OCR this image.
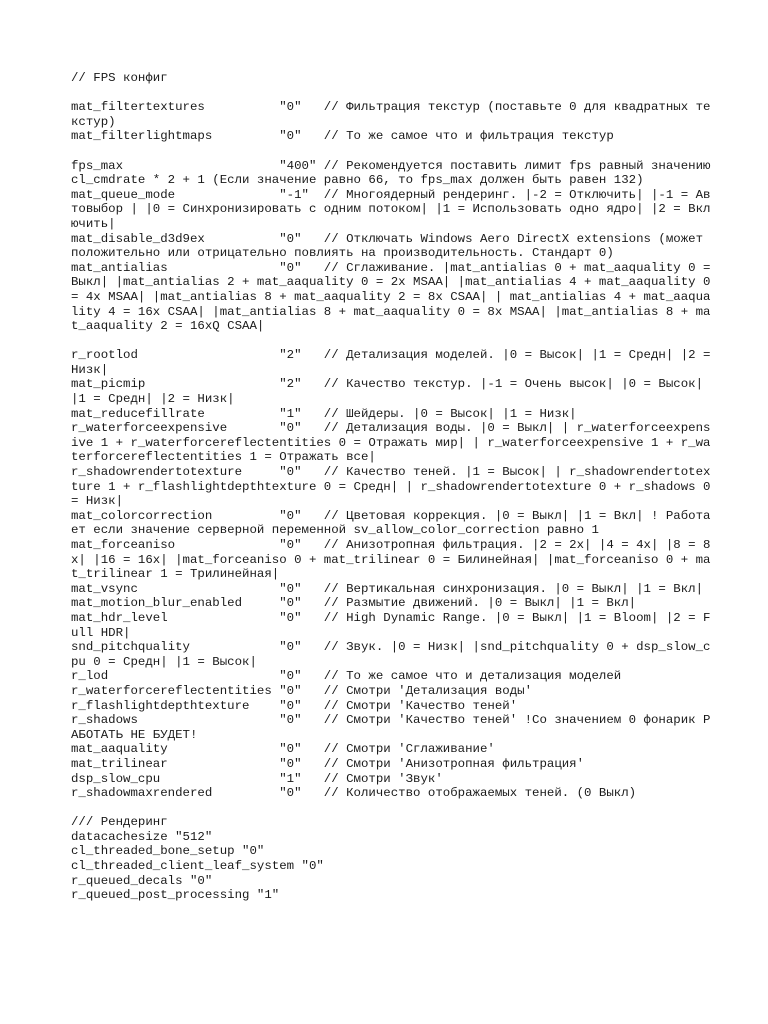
// FPS конфиг

mat_filtertextures          "0"   // Фильтрация текстур (поставьте 0 для квадратных текстур)

mat_filterlightmaps         "0"   // То же самое что и фильтрация текстур

fps_max                     "400" // Рекомендуется поставить лимит fps равный значению cl_cmdrate * 2 + 1 (Если значение равно 66, то fps_max должен быть равен 132)

mat_queue_mode              "-1"  // Многоядерный рендеринг. |-2 = Отключить| |-1 = Автовыбор | |0 = Синхронизировать с одним потоком| |1 = Использовать одно ядро| |2 = Включить|

mat_disable_d3d9ex          "0"   // Отключать Windows Aero DirectX extensions (может положительно или отрицательно повлиять на производительность. Стандарт 0)

mat_antialias               "0"   // Сглаживание. |mat_antialias 0 + mat_aaquality 0 = Выкл| |mat_antialias 2 + mat_aaquality 0 = 2x MSAA| |mat_antialias 4 + mat_aaquality 0 = 4x MSAA| |mat_antialias 8 + mat_aaquality 2 = 8x CSAA| | mat_antialias 4 + mat_aaquality 4 = 16x CSAA| |mat_antialias 8 + mat_aaquality 0 = 8x MSAA| |mat_antialias 8 + mat_aaquality 2 = 16xQ CSAA|

r_rootlod                   "2"   // Детализация моделей. |0 = Высок| |1 = Средн| |2 = Низк|

mat_picmip                  "2"   // Качество текстур. |-1 = Очень высок| |0 = Высок| |1 = Средн| |2 = Низк|

mat_reducefillrate          "1"   // Шейдеры. |0 = Высок| |1 = Низк|

r_waterforceexpensive       "0"   // Детализация воды. |0 = Выкл| | r_waterforceexpensive 1 + r_waterforcereflectentities 0 = Отражать мир| | r_waterforceexpensive 1 + r_waterforcereflectentities 1 = Отражать все|

r_shadowrendertotexture     "0"   // Качество теней. |1 = Высок| | r_shadowrendertotexture 1 + r_flashlightdepthtexture 0 = Средн| | r_shadowrendertotexture 0 + r_shadows 0 = Низк|

mat_colorcorrection         "0"   // Цветовая коррекция. |0 = Выкл| |1 = Вкл| ! Работает если значение серверной переменной sv_allow_color_correction равно 1

mat_forceaniso              "0"   // Анизотропная фильтрация. |2 = 2x| |4 = 4x| |8 = 8x| |16 = 16x| |mat_forceaniso 0 + mat_trilinear 0 = Билинейная| |mat_forceaniso 0 + mat_trilinear 1 = Трилинейная|

mat_vsync                   "0"   // Вертикальная синхронизация. |0 = Выкл| |1 = Вкл|

mat_motion_blur_enabled     "0"   // Размытие движений. |0 = Выкл| |1 = Вкл|

mat_hdr_level               "0"   // High Dynamic Range. |0 = Выкл| |1 = Bloom| |2 = Full HDR|

snd_pitchquality            "0"   // Звук. |0 = Низк| |snd_pitchquality 0 + dsp_slow_cpu 0 = Средн| |1 = Высок|

r_lod                       "0"   // То же самое что и детализация моделей

r_waterforcereflectentities "0"   // Смотри 'Детализация воды'

r_flashlightdepthtexture    "0"   // Смотри 'Качество теней'

r_shadows                   "0"   // Смотри 'Качество теней' !Со значением 0 фонарик РАБОТАТЬ НЕ БУДЕТ!

mat_aaquality               "0"   // Смотри 'Сглаживание'

mat_trilinear               "0"   // Смотри 'Анизотропная фильтрация'

dsp_slow_cpu                "1"   // Смотри 'Звук'

r_shadowmaxrendered         "0"   // Количество отображаемых теней. (0 Выкл)

/// Рендеринг

datacachesize "512"

cl_threaded_bone_setup "0"

cl_threaded_client_leaf_system "0"

r_queued_decals "0"

r_queued_post_processing "1"
